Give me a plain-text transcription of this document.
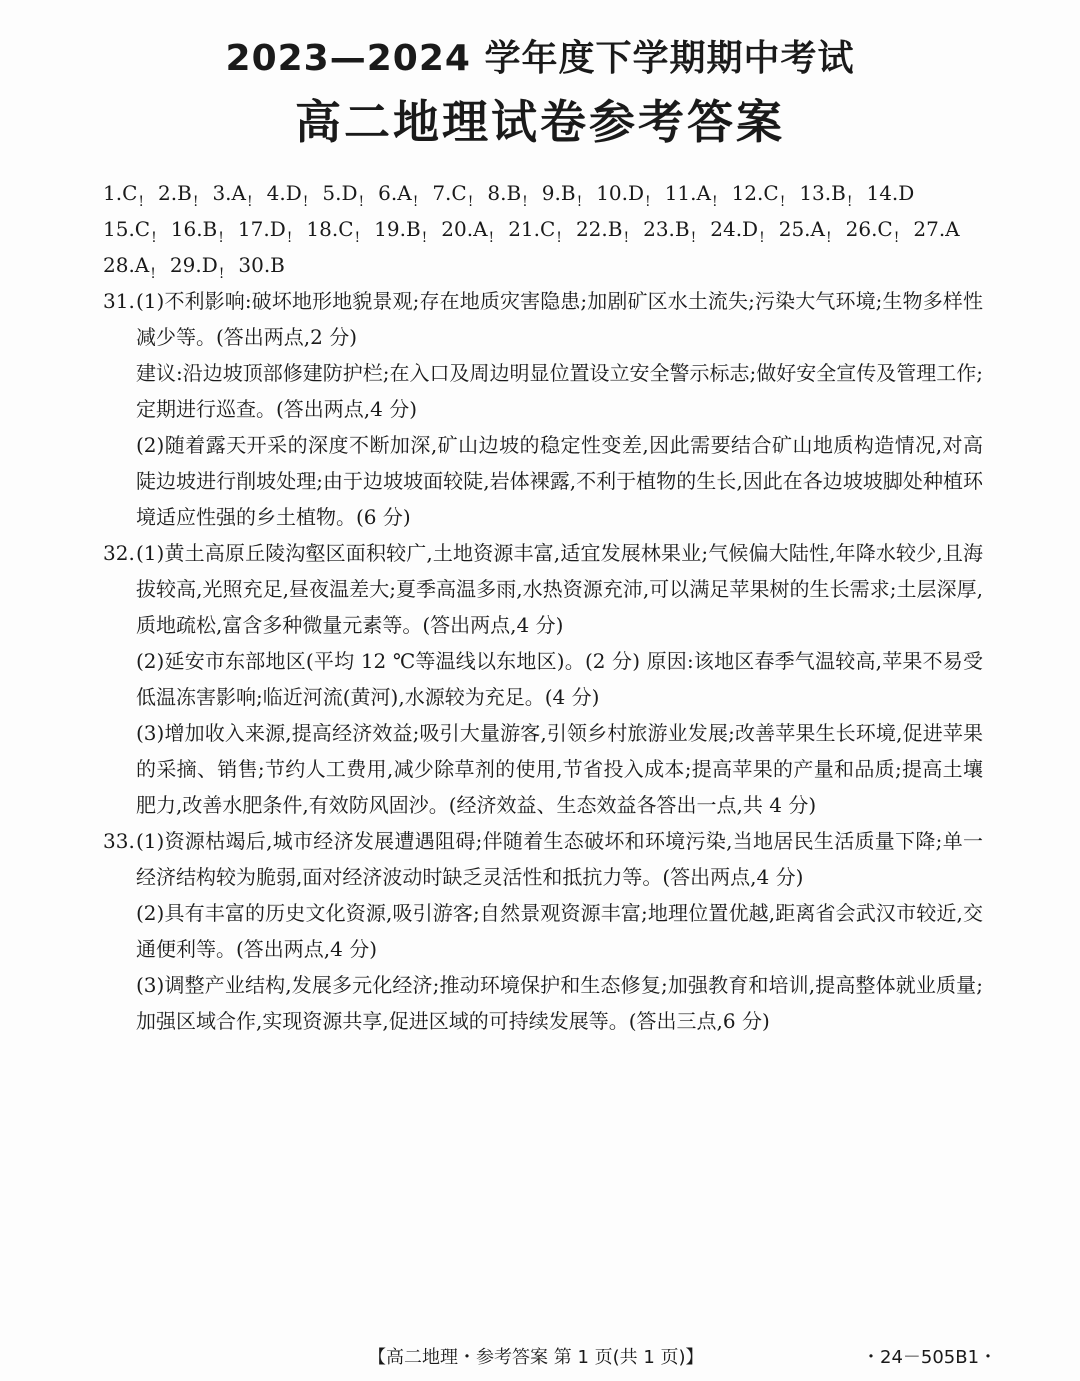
2023—2024 学年度下学期期中考试
高二地理试卷参考答案
1.C! 2.B! 3.A! 4.D! 5.D! 6.A! 7.C! 8.B! 9.B! 10.D! 11.A! 12.C! 13.B! 14.D
15.C! 16.B! 17.D! 18.C! 19.B! 20.A! 21.C! 22.B! 23.B! 24.D! 25.A! 26.C! 27.A
28.A! 29.D! 30.B

31.(1)不利影响:破坏地形地貌景观;存在地质灾害隐患;加剧矿区水土流失;污染大气环境;生物多样性减少等。(答出两点,2 分)

建议:沿边坡顶部修建防护栏;在入口及周边明显位置设立安全警示标志;做好安全宣传及管理工作;定期进行巡查。(答出两点,4 分)

(2)随着露天开采的深度不断加深,矿山边坡的稳定性变差,因此需要结合矿山地质构造情况,对高陡边坡进行削坡处理;由于边坡坡面较陡,岩体裸露,不利于植物的生长,因此在各边坡坡脚处种植环境适应性强的乡土植物。(6 分)

32.(1)黄土高原丘陵沟壑区面积较广,土地资源丰富,适宜发展林果业;气候偏大陆性,年降水较少,且海拔较高,光照充足,昼夜温差大;夏季高温多雨,水热资源充沛,可以满足苹果树的生长需求;土层深厚,质地疏松,富含多种微量元素等。(答出两点,4 分)

(2)延安市东部地区(平均 12 ℃等温线以东地区)。(2 分) 原因:该地区春季气温较高,苹果不易受低温冻害影响;临近河流(黄河),水源较为充足。(4 分)

(3)增加收入来源,提高经济效益;吸引大量游客,引领乡村旅游业发展;改善苹果生长环境,促进苹果的采摘、销售;节约人工费用,减少除草剂的使用,节省投入成本;提高苹果的产量和品质;提高土壤肥力,改善水肥条件,有效防风固沙。(经济效益、生态效益各答出一点,共 4 分)

33.(1)资源枯竭后,城市经济发展遭遇阻碍;伴随着生态破坏和环境污染,当地居民生活质量下降;单一经济结构较为脆弱,面对经济波动时缺乏灵活性和抵抗力等。(答出两点,4 分)

(2)具有丰富的历史文化资源,吸引游客;自然景观资源丰富;地理位置优越,距离省会武汉市较近,交通便利等。(答出两点,4 分)

(3)调整产业结构,发展多元化经济;推动环境保护和生态修复;加强教育和培训,提高整体就业质量;加强区域合作,实现资源共享,促进区域的可持续发展等。(答出三点,6 分)

【高二地理・参考答案 第 1 页(共 1 页)】	・24－505B1・
